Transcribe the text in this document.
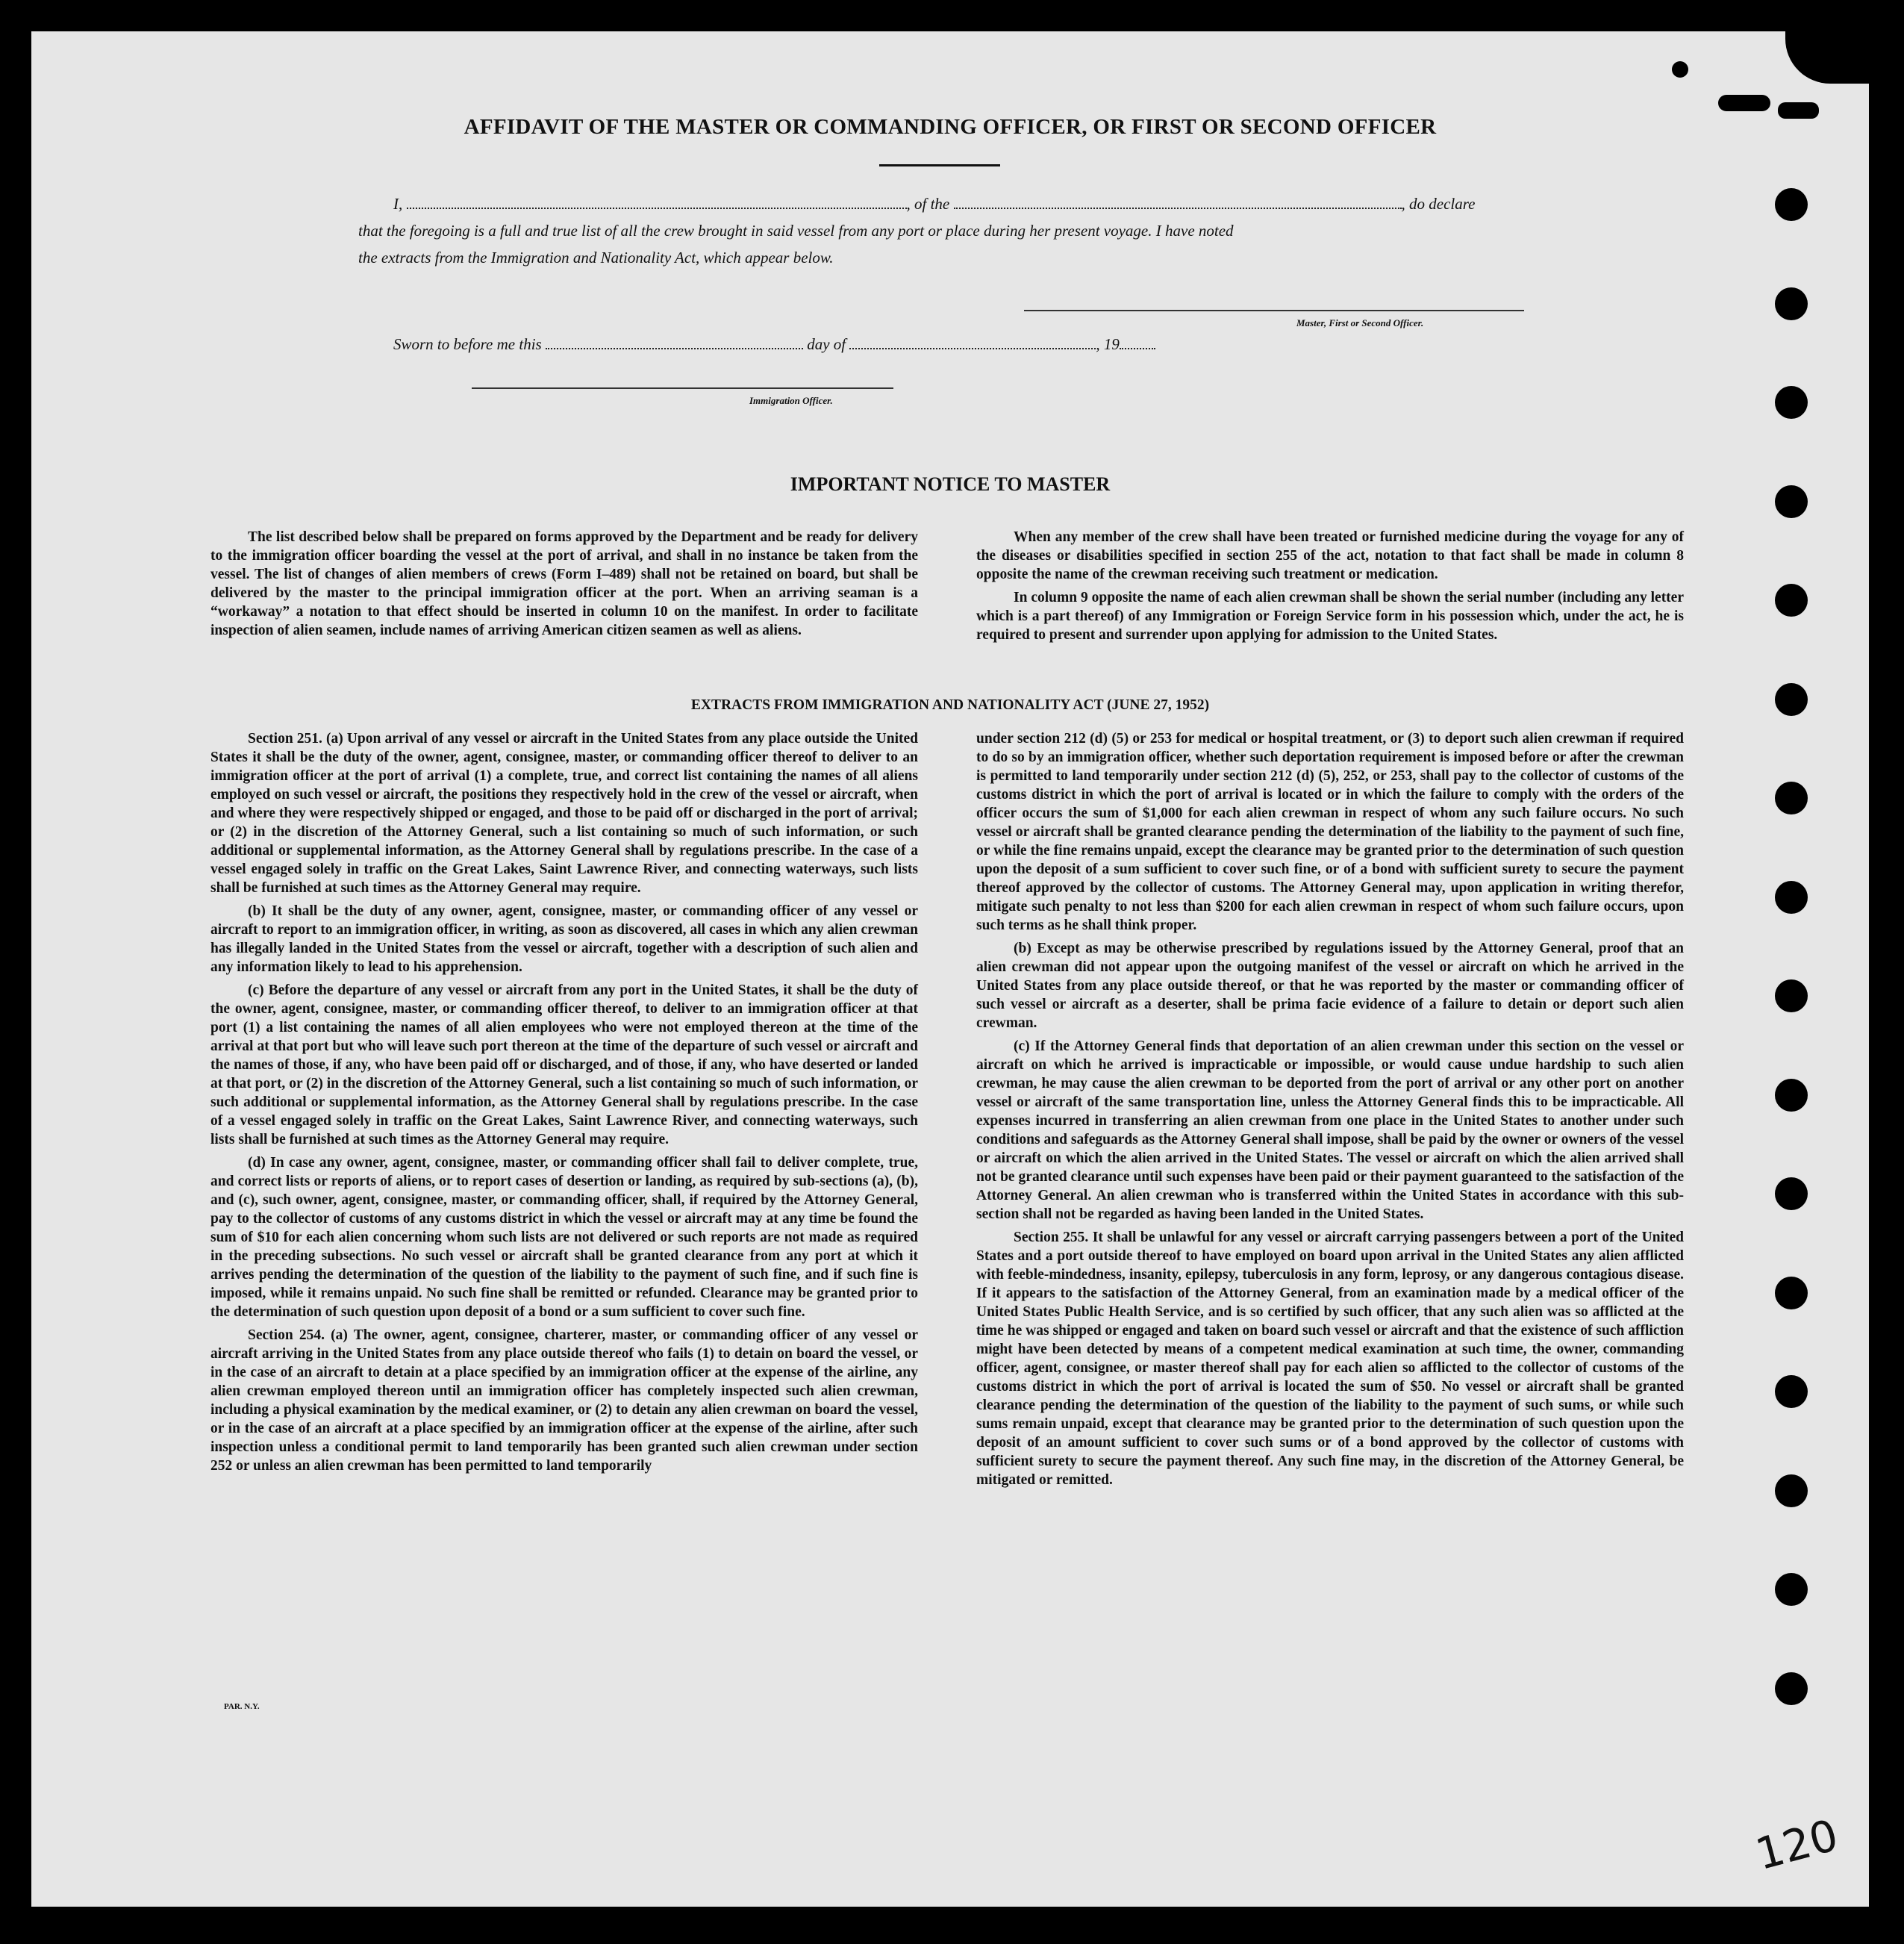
AFFIDAVIT OF THE MASTER OR COMMANDING OFFICER, OR FIRST OR SECOND OFFICER
I,	, of the	, do declare
that the foregoing is a full and true list of all the crew brought in said vessel from any port or place during her present voyage. I have noted
the extracts from the Immigration and Nationality Act, which appear below.
Master, First or Second Officer.
Sworn to before me this	day of	, 19
Immigration Officer.
IMPORTANT NOTICE TO MASTER

The list described below shall be prepared on forms approved by the Department and be ready for delivery to the immigration officer boarding the vessel at the port of arrival, and shall in no instance be taken from the vessel. The list of changes of alien members of crews (Form I–489) shall not be retained on board, but shall be delivered by the master to the principal immigration officer at the port. When an arriving seaman is a “workaway” a notation to that effect should be inserted in column 10 on the manifest. In order to facilitate inspection of alien seamen, include names of arriving American citizen seamen as well as aliens.

When any member of the crew shall have been treated or furnished medicine during the voyage for any of the diseases or disabilities specified in section 255 of the act, notation to that fact shall be made in column 8 opposite the name of the crewman receiving such treatment or medication.

In column 9 opposite the name of each alien crewman shall be shown the serial number (including any letter which is a part thereof) of any Immigration or Foreign Service form in his possession which, under the act, he is required to present and surrender upon applying for admission to the United States.

EXTRACTS FROM IMMIGRATION AND NATIONALITY ACT (JUNE 27, 1952)

Section 251. (a) Upon arrival of any vessel or aircraft in the United States from any place outside the United States it shall be the duty of the owner, agent, consignee, master, or commanding officer thereof to deliver to an immigration officer at the port of arrival (1) a complete, true, and correct list containing the names of all aliens employed on such vessel or aircraft, the positions they respectively hold in the crew of the vessel or aircraft, when and where they were respectively shipped or engaged, and those to be paid off or discharged in the port of arrival; or (2) in the discretion of the Attorney General, such a list containing so much of such information, or such additional or supplemental information, as the Attorney General shall by regulations prescribe. In the case of a vessel engaged solely in traffic on the Great Lakes, Saint Lawrence River, and connecting waterways, such lists shall be furnished at such times as the Attorney General may require.

(b) It shall be the duty of any owner, agent, consignee, master, or commanding officer of any vessel or aircraft to report to an immigration officer, in writing, as soon as discovered, all cases in which any alien crewman has illegally landed in the United States from the vessel or aircraft, together with a description of such alien and any information likely to lead to his apprehension.

(c) Before the departure of any vessel or aircraft from any port in the United States, it shall be the duty of the owner, agent, consignee, master, or commanding officer thereof, to deliver to an immigration officer at that port (1) a list containing the names of all alien employees who were not employed thereon at the time of the arrival at that port but who will leave such port thereon at the time of the departure of such vessel or aircraft and the names of those, if any, who have been paid off or discharged, and of those, if any, who have deserted or landed at that port, or (2) in the discretion of the Attorney General, such a list containing so much of such information, or such additional or supplemental information, as the Attorney General shall by regulations prescribe. In the case of a vessel engaged solely in traffic on the Great Lakes, Saint Lawrence River, and connecting waterways, such lists shall be furnished at such times as the Attorney General may require.

(d) In case any owner, agent, consignee, master, or commanding officer shall fail to deliver complete, true, and correct lists or reports of aliens, or to report cases of desertion or landing, as required by sub-sections (a), (b), and (c), such owner, agent, consignee, master, or commanding officer, shall, if required by the Attorney General, pay to the collector of customs of any customs district in which the vessel or aircraft may at any time be found the sum of $10 for each alien concerning whom such lists are not delivered or such reports are not made as required in the preceding subsections. No such vessel or aircraft shall be granted clearance from any port at which it arrives pending the determination of the question of the liability to the payment of such fine, and if such fine is imposed, while it remains unpaid. No such fine shall be remitted or refunded. Clearance may be granted prior to the determination of such question upon deposit of a bond or a sum sufficient to cover such fine.

Section 254. (a) The owner, agent, consignee, charterer, master, or commanding officer of any vessel or aircraft arriving in the United States from any place outside thereof who fails (1) to detain on board the vessel, or in the case of an aircraft to detain at a place specified by an immigration officer at the expense of the airline, any alien crewman employed thereon until an immigration officer has completely inspected such alien crewman, including a physical examination by the medical examiner, or (2) to detain any alien crewman on board the vessel, or in the case of an aircraft at a place specified by an immigration officer at the expense of the airline, after such inspection unless a conditional permit to land temporarily has been granted such alien crewman under section 252 or unless an alien crewman has been permitted to land temporarily

under section 212 (d) (5) or 253 for medical or hospital treatment, or (3) to deport such alien crewman if required to do so by an immigration officer, whether such deportation requirement is imposed before or after the crewman is permitted to land temporarily under section 212 (d) (5), 252, or 253, shall pay to the collector of customs of the customs district in which the port of arrival is located or in which the failure to comply with the orders of the officer occurs the sum of $1,000 for each alien crewman in respect of whom any such failure occurs. No such vessel or aircraft shall be granted clearance pending the determination of the liability to the payment of such fine, or while the fine remains unpaid, except the clearance may be granted prior to the determination of such question upon the deposit of a sum sufficient to cover such fine, or of a bond with sufficient surety to secure the payment thereof approved by the collector of customs. The Attorney General may, upon application in writing therefor, mitigate such penalty to not less than $200 for each alien crewman in respect of whom such failure occurs, upon such terms as he shall think proper.

(b) Except as may be otherwise prescribed by regulations issued by the Attorney General, proof that an alien crewman did not appear upon the outgoing manifest of the vessel or aircraft on which he arrived in the United States from any place outside thereof, or that he was reported by the master or commanding officer of such vessel or aircraft as a deserter, shall be prima facie evidence of a failure to detain or deport such alien crewman.

(c) If the Attorney General finds that deportation of an alien crewman under this section on the vessel or aircraft on which he arrived is impracticable or impossible, or would cause undue hardship to such alien crewman, he may cause the alien crewman to be deported from the port of arrival or any other port on another vessel or aircraft of the same transportation line, unless the Attorney General finds this to be impracticable. All expenses incurred in transferring an alien crewman from one place in the United States to another under such conditions and safeguards as the Attorney General shall impose, shall be paid by the owner or owners of the vessel or aircraft on which the alien arrived in the United States. The vessel or aircraft on which the alien arrived shall not be granted clearance until such expenses have been paid or their payment guaranteed to the satisfaction of the Attorney General. An alien crewman who is transferred within the United States in accordance with this sub-section shall not be regarded as having been landed in the United States.

Section 255. It shall be unlawful for any vessel or aircraft carrying passengers between a port of the United States and a port outside thereof to have employed on board upon arrival in the United States any alien afflicted with feeble-mindedness, insanity, epilepsy, tuberculosis in any form, leprosy, or any dangerous contagious disease. If it appears to the satisfaction of the Attorney General, from an examination made by a medical officer of the United States Public Health Service, and is so certified by such officer, that any such alien was so afflicted at the time he was shipped or engaged and taken on board such vessel or aircraft and that the existence of such affliction might have been detected by means of a competent medical examination at such time, the owner, commanding officer, agent, consignee, or master thereof shall pay for each alien so afflicted to the collector of customs of the customs district in which the port of arrival is located the sum of $50. No vessel or aircraft shall be granted clearance pending the determination of the question of the liability to the payment of such sums, or while such sums remain unpaid, except that clearance may be granted prior to the determination of such question upon the deposit of an amount sufficient to cover such sums or of a bond approved by the collector of customs with sufficient surety to secure the payment thereof. Any such fine may, in the discretion of the Attorney General, be mitigated or remitted.

PAR. N.Y.
120
